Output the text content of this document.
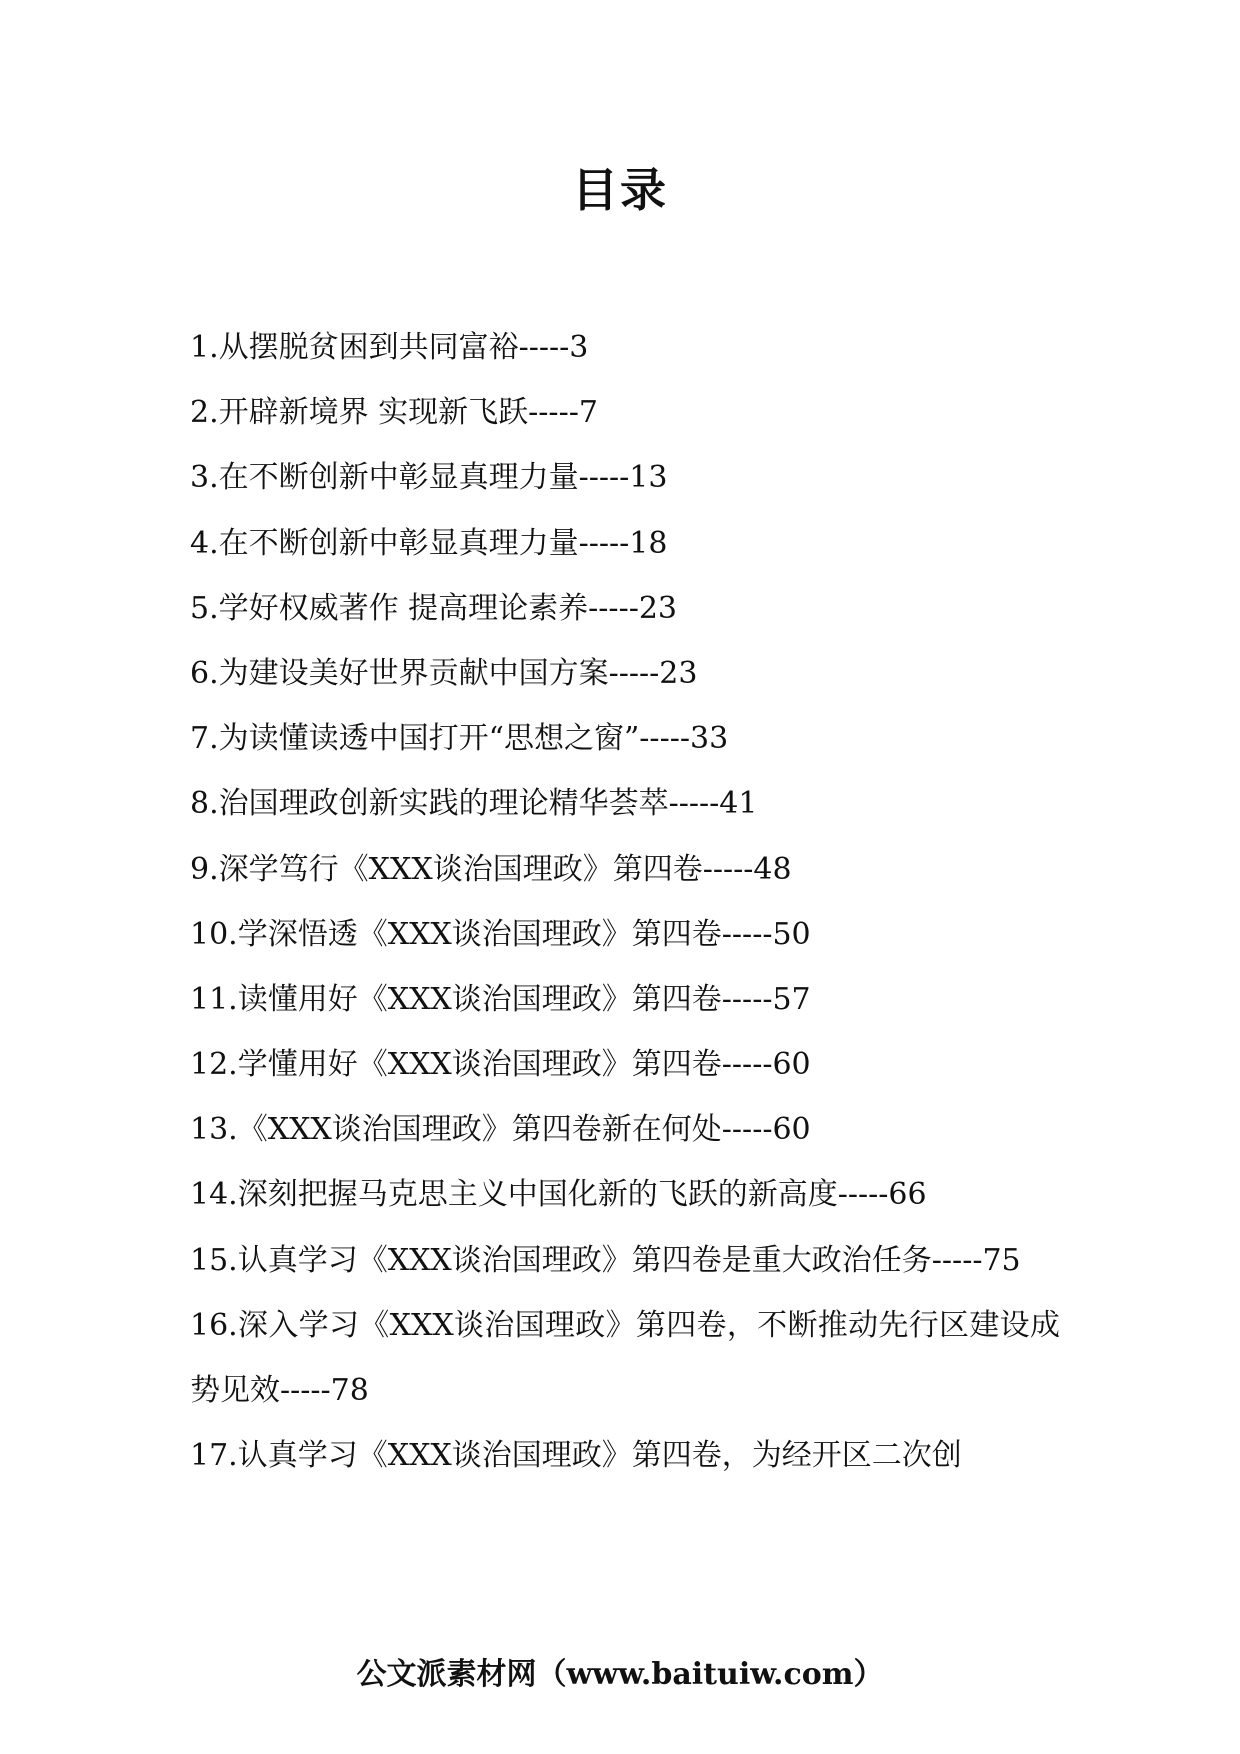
目录
1.从摆脱贫困到共同富裕-----3
2.开辟新境界 实现新飞跃-----7
3.在不断创新中彰显真理力量-----13
4.在不断创新中彰显真理力量-----18
5.学好权威著作 提高理论素养-----23
6.为建设美好世界贡献中国方案-----23
7.为读懂读透中国打开“思想之窗”-----33
8.治国理政创新实践的理论精华荟萃-----41
9.深学笃行《XXX谈治国理政》第四卷-----48
10.学深悟透《XXX谈治国理政》第四卷-----50
11.读懂用好《XXX谈治国理政》第四卷-----57
12.学懂用好《XXX谈治国理政》第四卷-----60
13.《XXX谈治国理政》第四卷新在何处-----60
14.深刻把握马克思主义中国化新的飞跃的新高度-----66
15.认真学习《XXX谈治国理政》第四卷是重大政治任务-----75
16.深入学习《XXX谈治国理政》第四卷，不断推动先行区建设成势见效-----78
17.认真学习《XXX谈治国理政》第四卷，为经开区二次创
公文派素材网（www.baituiw.com）
